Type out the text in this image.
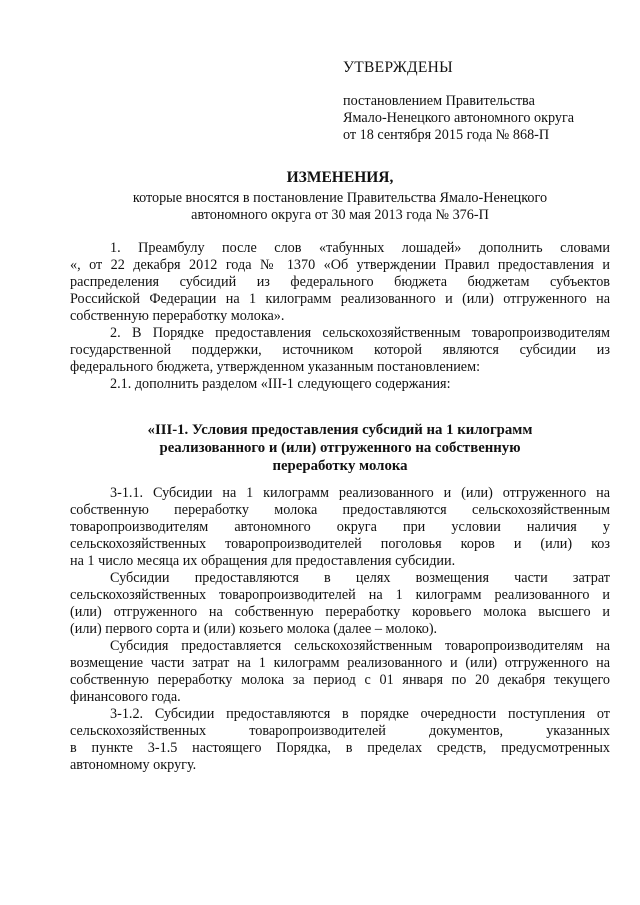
УТВЕРЖДЕНЫ
постановлением Правительства
Ямало-Ненецкого автономного округа
от 18 сентября 2015 года № 868-П
ИЗМЕНЕНИЯ,
которые вносятся в постановление Правительства Ямало-Ненецкого
автономного округа от 30 мая 2013 года № 376-П
1. Преамбулу после слов «табунных лошадей» дополнить словами
«, от 22 декабря 2012 года № 1370 «Об утверждении Правил предоставления и
распределения субсидий из федерального бюджета бюджетам субъектов
Российской Федерации на 1 килограмм реализованного и (или) отгруженного на
собственную переработку молока».
2. В Порядке предоставления сельскохозяйственным товаропроизводителям
государственной поддержки, источником которой являются субсидии из
федерального бюджета, утвержденном указанным постановлением:
2.1. дополнить разделом «III-1 следующего содержания:
«III-1. Условия предоставления субсидий на 1 килограмм
реализованного и (или) отгруженного на собственную
переработку молока
3-1.1. Субсидии на 1 килограмм реализованного и (или) отгруженного на
собственную переработку молока предоставляются сельскохозяйственным
товаропроизводителям автономного округа при условии наличия у
сельскохозяйственных товаропроизводителей поголовья коров и (или) коз
на 1 число месяца их обращения для предоставления субсидии.
Субсидии предоставляются в целях возмещения части затрат
сельскохозяйственных товаропроизводителей на 1 килограмм реализованного и
(или) отгруженного на собственную переработку коровьего молока высшего и
(или) первого сорта и (или) козьего молока (далее – молоко).
Субсидия предоставляется сельскохозяйственным товаропроизводителям на
возмещение части затрат на 1 килограмм реализованного и (или) отгруженного на
собственную переработку молока за период с 01 января по 20 декабря текущего
финансового года.
3-1.2. Субсидии предоставляются в порядке очередности поступления от
сельскохозяйственных товаропроизводителей документов, указанных
в пункте 3-1.5 настоящего Порядка, в пределах средств, предусмотренных
автономному округу.
